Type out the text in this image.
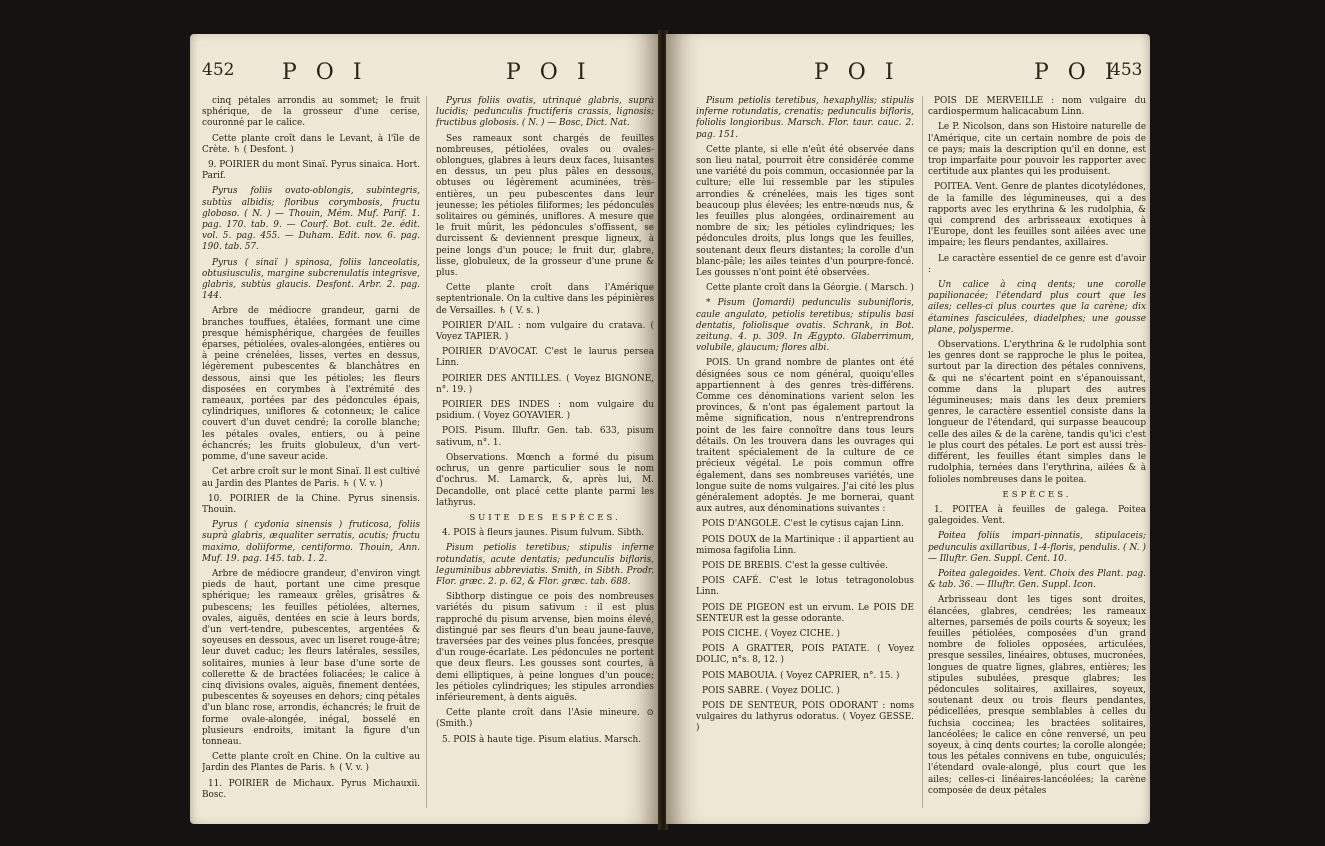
452 P O I	P O I

cinq pétales arrondis au sommet; le fruit sphérique, de la grosseur d'une cerise, couronné par le calice.

Cette plante croît dans le Levant, à l'île de Crète. ♄ ( Desfont. )

9. POIRIER du mont Sinaï. Pyrus sinaica. Hort. Parif.

Pyrus foliis ovato-oblongis, subintegris, subtùs albidis; floribus corymbosis, fructu globoso. ( N. ) — Thouin, Mém. Muf. Parif. 1. pag. 170. tab. 9. — Courf. Bot. cult. 2e. édit. vol. 5. pag. 455. — Duham. Edit. nov. 6. pag. 190. tab. 57.

Pyrus ( sinaï ) spinosa, foliis lanceolatis, obtusiusculis, margine subcrenulatis integrisve, glabris, subtùs glaucis. Desfont. Arbr. 2. pag. 144.

Arbre de médiocre grandeur, garni de branches touffues, étalées, formant une cime presque hémisphérique, chargées de feuilles éparses, pétiolées, ovales-alongées, entières ou à peine crénelées, lisses, vertes en dessus, légèrement pubescentes & blanchâtres en dessous, ainsi que les pétioles; les fleurs disposées en corymbes à l'extrémité des rameaux, portées par des pédoncules épais, cylindriques, uniflores & cotonneux; le calice couvert d'un duvet cendré; la corolle blanche; les pétales ovales, entiers, ou à peine échancrés; les fruits globuleux, d'un vert-pomme, d'une saveur acide.

Cet arbre croît sur le mont Sinaï. Il est cultivé au Jardin des Plantes de Paris. ♄ ( V. v. )

10. POIRIER de la Chine. Pyrus sinensis. Thouin.

Pyrus ( cydonia sinensis ) fruticosa, foliis suprà glabris, æqualiter serratis, acutis; fructu maximo, doliiforme, centiformo. Thouin, Ann. Muf. 19. pag. 145. tab. 1. 2.

Arbre de médiocre grandeur, d'environ vingt pieds de haut, portant une cime presque sphérique; les rameaux grêles, grisâtres & pubescens; les feuilles pétiolées, alternes, ovales, aiguës, dentées en scie à leurs bords, d'un vert-tendre, pubescentes, argentées & soyeuses en dessous, avec un liseret rouge-âtre; leur duvet caduc; les fleurs latérales, sessiles, solitaires, munies à leur base d'une sorte de collerette & de bractées foliacées; le calice à cinq divisions ovales, aiguës, finement dentées, pubescentes & soyeuses en dehors; cinq pétales d'un blanc rose, arrondis, échancrés; le fruit de forme ovale-alongée, inégal, bosselé en plusieurs endroits, imitant la figure d'un tonneau.

Cette plante croît en Chine. On la cultive au Jardin des Plantes de Paris. ♄ ( V. v. )

11. POIRIER de Michaux. Pyrus Michauxii. Bosc.

Pyrus foliis ovatis, utrinquè glabris, suprà lucidis; pedunculis fructiferis crassis, lignosis; fructibus globosis. ( N. ) — Bosc, Dict. Nat.

Ses rameaux sont chargés de feuilles nombreuses, pétiolées, ovales ou ovales-oblongues, glabres à leurs deux faces, luisantes en dessus, un peu plus pâles en dessous, obtuses ou légèrement acuminées, très-entières, un peu pubescentes dans leur jeunesse; les pétioles filiformes; les pédoncules solitaires ou géminés, uniflores. A mesure que le fruit mûrit, les pédoncules s'offissent, se durcissent & deviennent presque ligneux, à peine longs d'un pouce; le fruit dur, glabre, lisse, globuleux, de la grosseur d'une prune & plus.

Cette plante croît dans l'Amérique septentrionale. On la cultive dans les pépinières de Versailles. ♄ ( V. s. )

POIRIER D'AIL : nom vulgaire du cratava. ( Voyez TAPIER. )

POIRIER D'AVOCAT. C'est le laurus persea Linn.

POIRIER DES ANTILLES. ( Voyez BIGNONE, n°. 19. )

POIRIER DES INDES : nom vulgaire du psidium. ( Voyez GOYAVIER. )

POIS. Pisum. Illuftr. Gen. tab. 633, pisum sativum, n°. 1.

Observations. Mœnch a formé du pisum ochrus, un genre particulier sous le nom d'ochrus. M. Lamarck, &, après lui, M. Decandolle, ont placé cette plante parmi les lathyrus.

SUITE DES ESPÈCES.

4. POIS à fleurs jaunes. Pisum fulvum. Sibth.

Pisum petiolis teretibus; stipulis inferne rotundatis, acute dentatis; pedunculis bifloris, leguminibus abbreviatis. Smith, in Sibth. Prodr. Flor. græc. 2. p. 62, & Flor. græc. tab. 688.

Sibthorp distingue ce pois des nombreuses variétés du pisum sativum : il est plus rapproché du pisum arvense, bien moins élevé, distingué par ses fleurs d'un beau jaune-fauve, traversées par des veines plus foncées, presque d'un rouge-écarlate. Les pédoncules ne portent que deux fleurs. Les gousses sont courtes, à demi elliptiques, à peine longues d'un pouce; les pétioles cylindriques; les stipules arrondies inférieurement, à dents aiguës.

Cette plante croît dans l'Asie mineure. ⊙ (Smith.)

5. POIS à haute tige. Pisum elatius. Marsch.

P O I	P O I
453

Pisum petiolis teretibus, hexaphyllis; stipulis inferne rotundatis, crenatis; pedunculis bifloris, foliolis longioribus. Marsch. Flor. taur. cauc. 2. pag. 151.

Cette plante, si elle n'eût été observée dans son lieu natal, pourroit être considérée comme une variété du pois commun, occasionnée par la culture; elle lui ressemble par les stipules arrondies & crénelées, mais les tiges sont beaucoup plus élevées; les entre-nœuds nus, & les feuilles plus alongées, ordinairement au nombre de six; les pétioles cylindriques; les pédoncules droits, plus longs que les feuilles, soutenant deux fleurs distantes; la corolle d'un blanc-pâle; les ailes teintes d'un pourpre-foncé. Les gousses n'ont point été observées.

Cette plante croît dans la Géorgie. ( Marsch. )

* Pisum (Jomardi) pedunculis subunifloris, caule angulato, petiolis teretibus; stipulis basi dentatis, foliolisque ovatis. Schrank, in Bot. zeitung. 4. p. 309. In Ægypto. Glaberrimum, volubile, glaucum; flores albi.

POIS. Un grand nombre de plantes ont été désignées sous ce nom général, quoiqu'elles appartiennent à des genres très-différens. Comme ces dénominations varient selon les provinces, & n'ont pas également partout la même signification, nous n'entreprendrons point de les faire connoître dans tous leurs détails. On les trouvera dans les ouvrages qui traitent spécialement de la culture de ce précieux végétal. Le pois commun offre également, dans ses nombreuses variétés, une longue suite de noms vulgaires. J'ai cité les plus généralement adoptés. Je me bornerai, quant aux autres, aux dénominations suivantes :

POIS D'ANGOLE. C'est le cytisus cajan Linn.

POIS DOUX de la Martinique : il appartient au mimosa fagifolia Linn.

POIS DE BREBIS. C'est la gesse cultivée.

POIS CAFÉ. C'est le lotus tetragonolobus Linn.

POIS DE PIGEON est un ervum. Le POIS DE SENTEUR est la gesse odorante.

POIS CICHE. ( Voyez CICHE. )

POIS A GRATTER, POIS PATATE. ( Voyez DOLIC, n°s. 8, 12. )

POIS MABOUIA. ( Voyez CAPRIER, n°. 15. )

POIS SABRE. ( Voyez DOLIC. )

POIS DE SENTEUR, POIS ODORANT : noms vulgaires du lathyrus odoratus. ( Voyez GESSE. )

POIS DE MERVEILLE : nom vulgaire du cardiospermum halicacabum Linn.

Le P. Nicolson, dans son Histoire naturelle de l'Amérique, cite un certain nombre de pois de ce pays; mais la description qu'il en donne, est trop imparfaite pour pouvoir les rapporter avec certitude aux plantes qui les produisent.

POITEA. Vent. Genre de plantes dicotylédones, de la famille des légumineuses, qui a des rapports avec les erythrina & les rudolphia, & qui comprend des arbrisseaux exotiques à l'Europe, dont les feuilles sont ailées avec une impaire; les fleurs pendantes, axillaires.

Le caractère essentiel de ce genre est d'avoir :

Un calice à cinq dents; une corolle papilionacée; l'étendard plus court que les ailes; celles-ci plus courtes que la carène; dix étamines fasciculées, diadelphes; une gousse plane, polysperme.

Observations. L'erythrina & le rudolphia sont les genres dont se rapproche le plus le poitea, surtout par la direction des pétales connivens, & qui ne s'écartent point en s'épanouissant, comme dans la plupart des autres légumineuses; mais dans les deux premiers genres, le caractère essentiel consiste dans la longueur de l'étendard, qui surpasse beaucoup celle des ailes & de la carène, tandis qu'ici c'est le plus court des pétales. Le port est aussi très-différent, les feuilles étant simples dans le rudolphia, ternées dans l'erythrina, ailées & à folioles nombreuses dans le poitea.

ESPÈCES.

1. POITEA à feuilles de galega. Poitea galegoides. Vent.

Poitea foliis impari-pinnatis, stipulaceis; pedunculis axillaribus, 1-4-floris, pendulis. ( N. ) — Illuftr. Gen. Suppl. Cent. 10.

Poitea galegoides. Vent. Choix des Plant. pag. & tab. 36. — Illuftr. Gen. Suppl. Icon.

Arbrisseau dont les tiges sont droites, élancées, glabres, cendrées; les rameaux alternes, parsemés de poils courts & soyeux; les feuilles pétiolées, composées d'un grand nombre de folioles opposées, articulées, presque sessiles, linéaires, obtuses, mucronées, longues de quatre lignes, glabres, entières; les stipules subulées, presque glabres; les pédoncules solitaires, axillaires, soyeux, soutenant deux ou trois fleurs pendantes, pédicellées, presque semblables à celles du fuchsia coccinea; les bractées solitaires, lancéolées; le calice en cône renversé, un peu soyeux, à cinq dents courtes; la corolle alongée; tous les pétales connivens en tube, onguiculés; l'étendard ovale-alongé, plus court que les ailes; celles-ci linéaires-lancéolées; la carène composée de deux pétales
